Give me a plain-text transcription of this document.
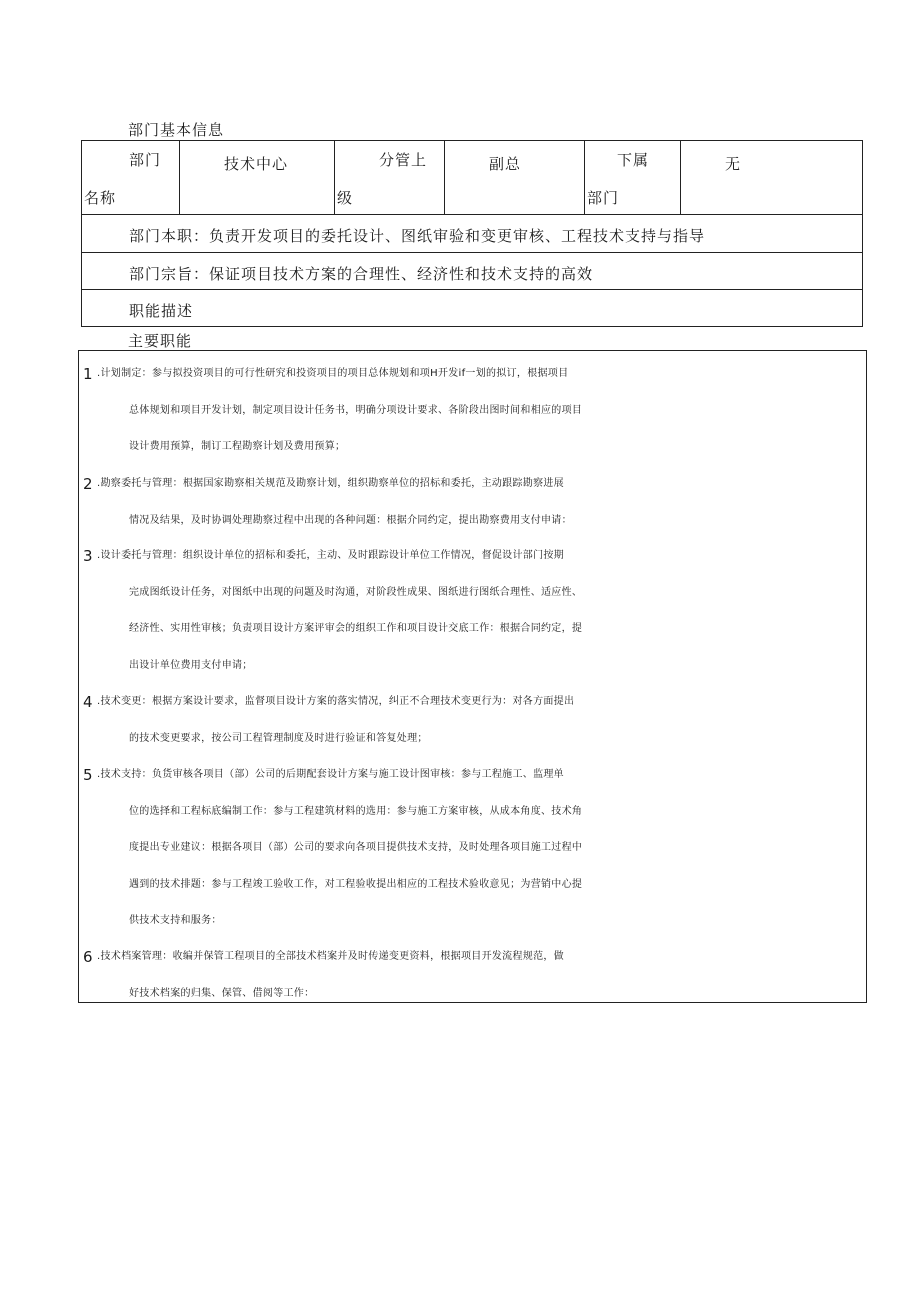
部门基本信息
部门
名称
技术中心	分管上
级
副总	下属
部门
无
部门本职：负责开发项目的委托设计、图纸审验和变更审核、工程技术支持与指导
部门宗旨：保证项目技术方案的合理性、经济性和技术支持的高效
职能描述
主要职能
1 .计划制定：参与拟投资项目的可行性研究和投资项目的项目总体规划和项H开发if一划的拟订，根据项目
总体规划和项目开发计划，制定项目设计任务书，明确分项设计要求、各阶段出图时间和相应的项目
设计费用预算，制订工程勘察计划及费用预算；
2 .勘察委托与管理：根据国家勘察相关规范及勘察计划，组织勘察单位的招标和委托，主动跟踪勘察进展
情况及结果，及时协调处理勘察过程中出现的各种问题：根据介同约定，提出勘察费用支付申请：
3 .设计委托与管理：组织设计单位的招标和委托，主动、及时跟踪设计单位工作情况，督促设计部门按期
完成图纸设计任务，对图纸中出现的问题及时沟通，对阶段性成果、图纸进行图纸合理性、适应性、
经济性、实用性审核；负责项目设计方案评审会的组织工作和项目设计交底工作：根据合同约定，提
出设计单位费用支付申请；
4 .技术变更：根据方案设计要求，监督项目设计方案的落实情况，纠正不合理技术变更行为：对各方面提出
的技术变更要求，按公司工程管理制度及时进行验证和答复处理；
5 .技术支持：负货审核各项目（部）公司的后期配套设计方案与施工设计图审核：参与工程施工、监理单
位的选择和工程标底编制工作：参与工程建筑材料的选用：参与施工方案审核，从成本角度、技术角
度提出专业建议：根据各项目（部）公司的要求向各项目提供技术支持，及时处理各项目施工过程中
遇到的技术排题：参与工程竣工验收工作，对工程验收提出相应的工程技术验收意见；为营销中心提
供技术支持和服务：
6 .技术档案管理：收编并保管工程项目的全部技术档案并及时传递变更资料，根据项目开发流程规范，做
好技术档案的归集、保管、借阅等工作：
